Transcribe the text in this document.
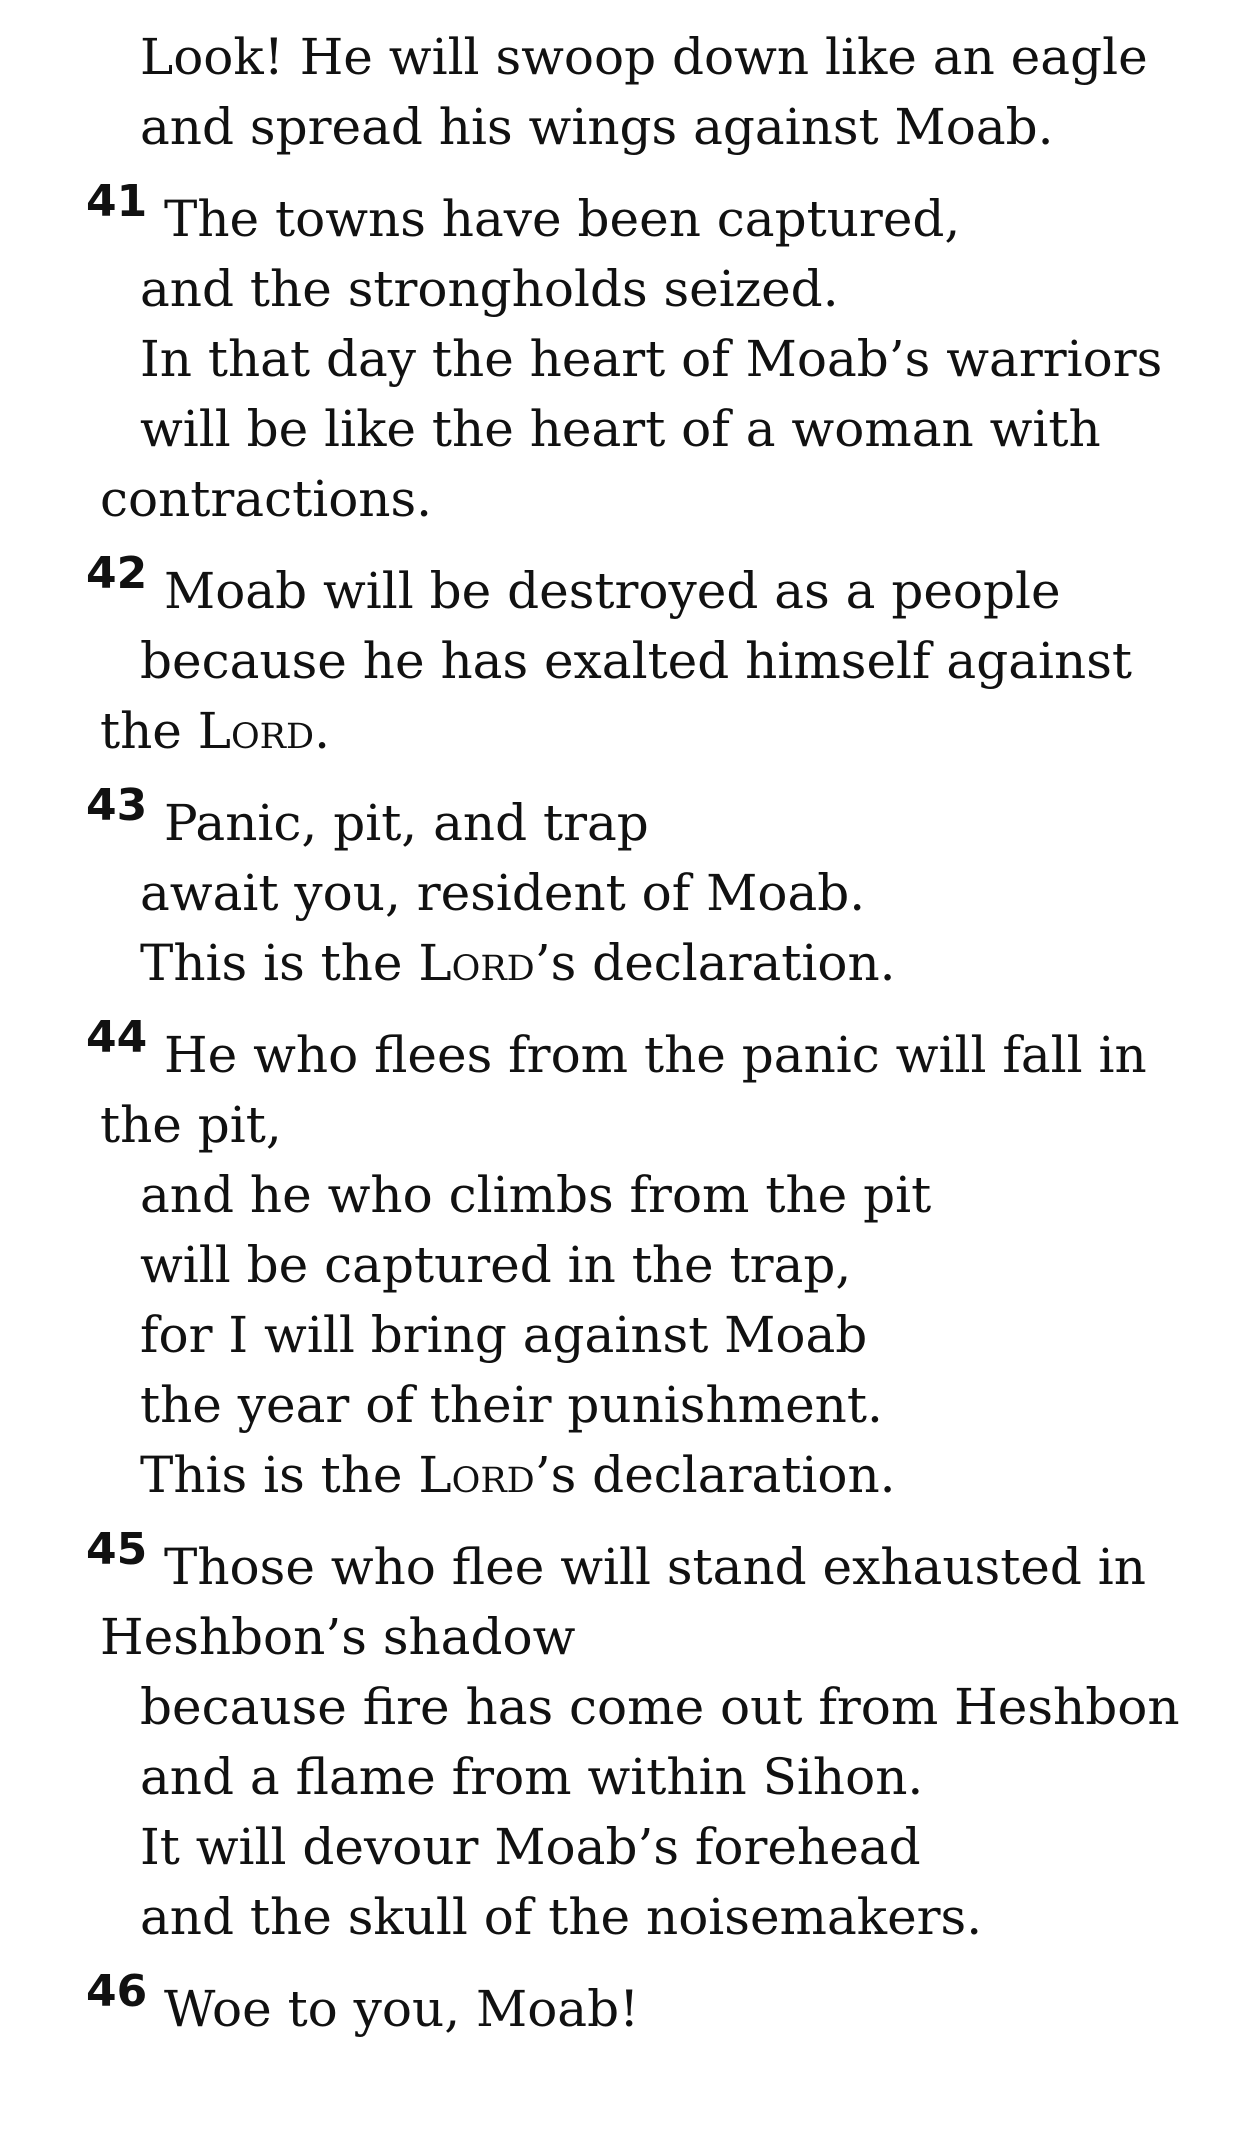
Look! He will swoop down like an eagle
and spread his wings against Moab.
41 The towns have been captured,
and the strongholds seized.
In that day the heart of Moab’s warriors
will be like the heart of a woman with
contractions.
42 Moab will be destroyed as a people
because he has exalted himself against
the Lord.
43 Panic, pit, and trap
await you, resident of Moab.
This is the Lord’s declaration.
44 He who flees from the panic will fall in
the pit,
and he who climbs from the pit
will be captured in the trap,
for I will bring against Moab
the year of their punishment.
This is the Lord’s declaration.
45 Those who flee will stand exhausted in
Heshbon’s shadow
because fire has come out from Heshbon
and a flame from within Sihon.
It will devour Moab’s forehead
and the skull of the noisemakers.
46 Woe to you, Moab!
